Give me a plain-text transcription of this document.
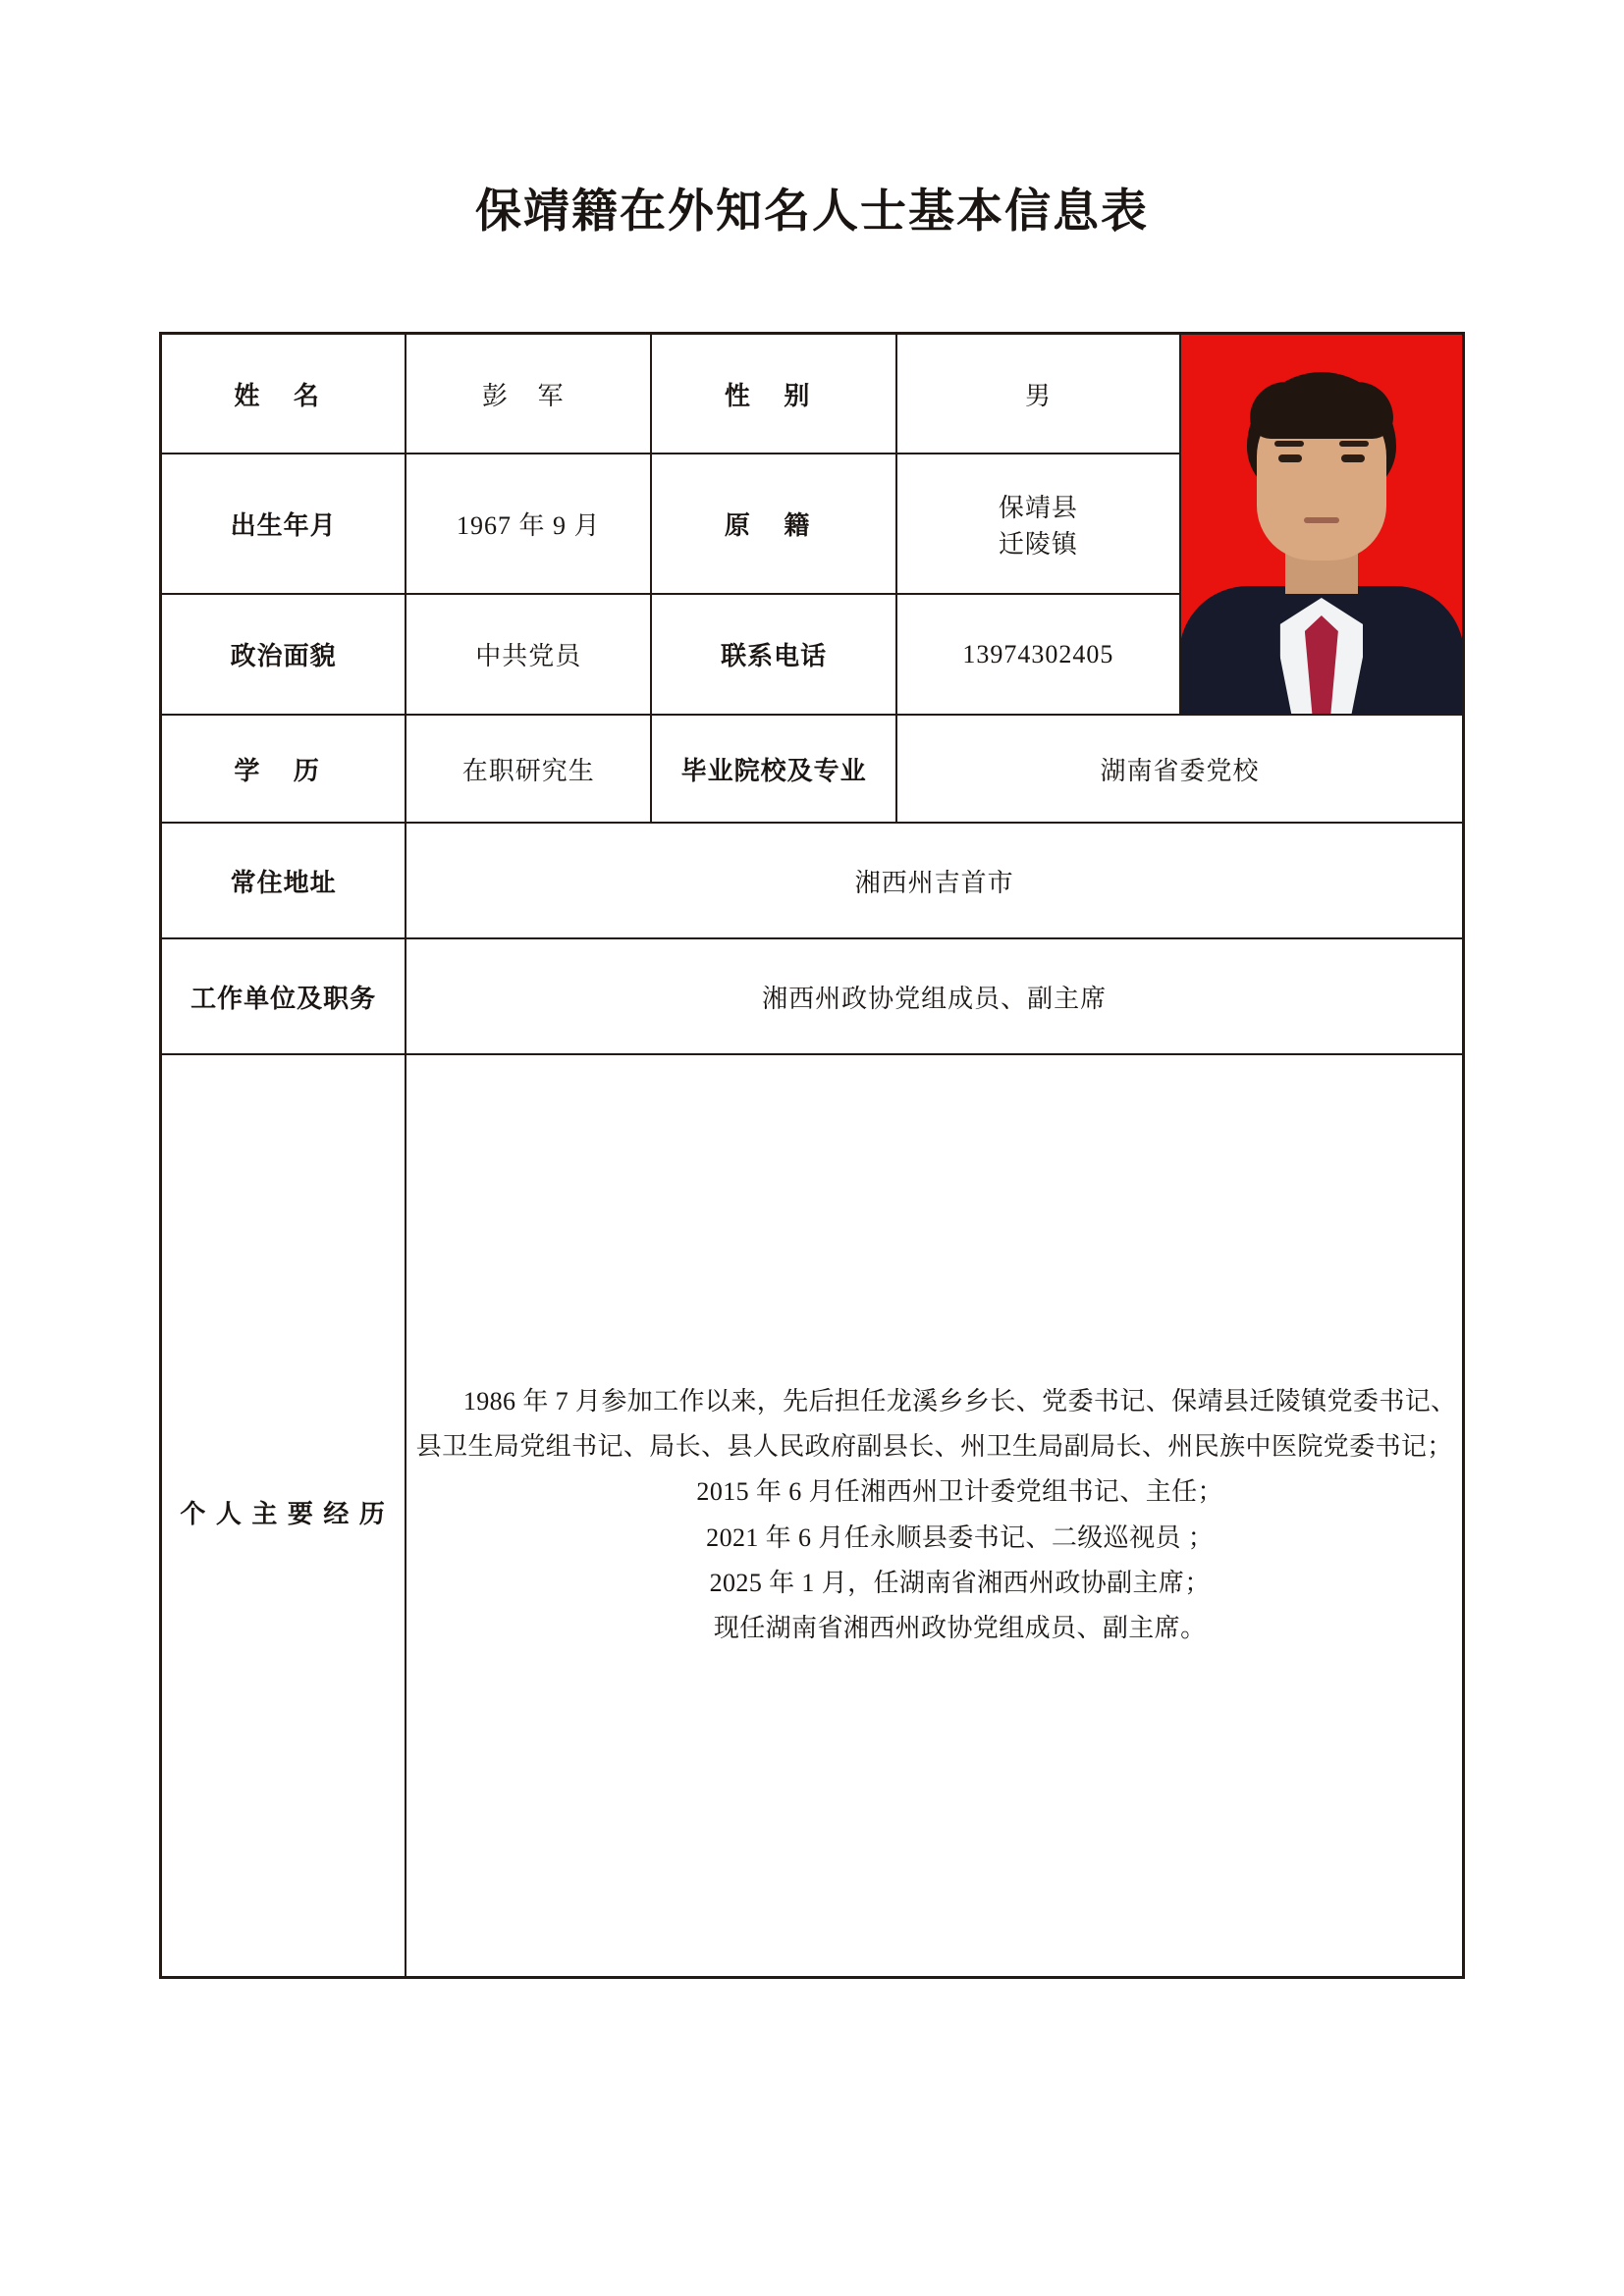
保靖籍在外知名人士基本信息表
姓 名	彭 军	性 别	男	

出生年月	1967 年 9 月	原 籍	保靖县
迁陵镇	

政治面貌	中共党员	联系电话	13974302405	
学 历	在职研究生	毕业院校及专业	湖南省委党校	
常住地址	湘西州吉首市			
工作单位及职务	湘西州政协党组成员、副主席			

个 人 主 要 经 历	1986 年 7 月参加工作以来，先后担任龙溪乡乡长、党委书记、保靖县迁陵镇党委书记、县卫生局党组书记、局长、县人民政府副县长、州卫生局副局长、州民族中医院党委书记；

2015 年 6 月任湘西州卫计委党组书记、主任；

2021 年 6 月任永顺县委书记、二级巡视员 ；

2025 年 1 月，任湖南省湘西州政协副主席；

现任湖南省湘西州政协党组成员、副主席。			
